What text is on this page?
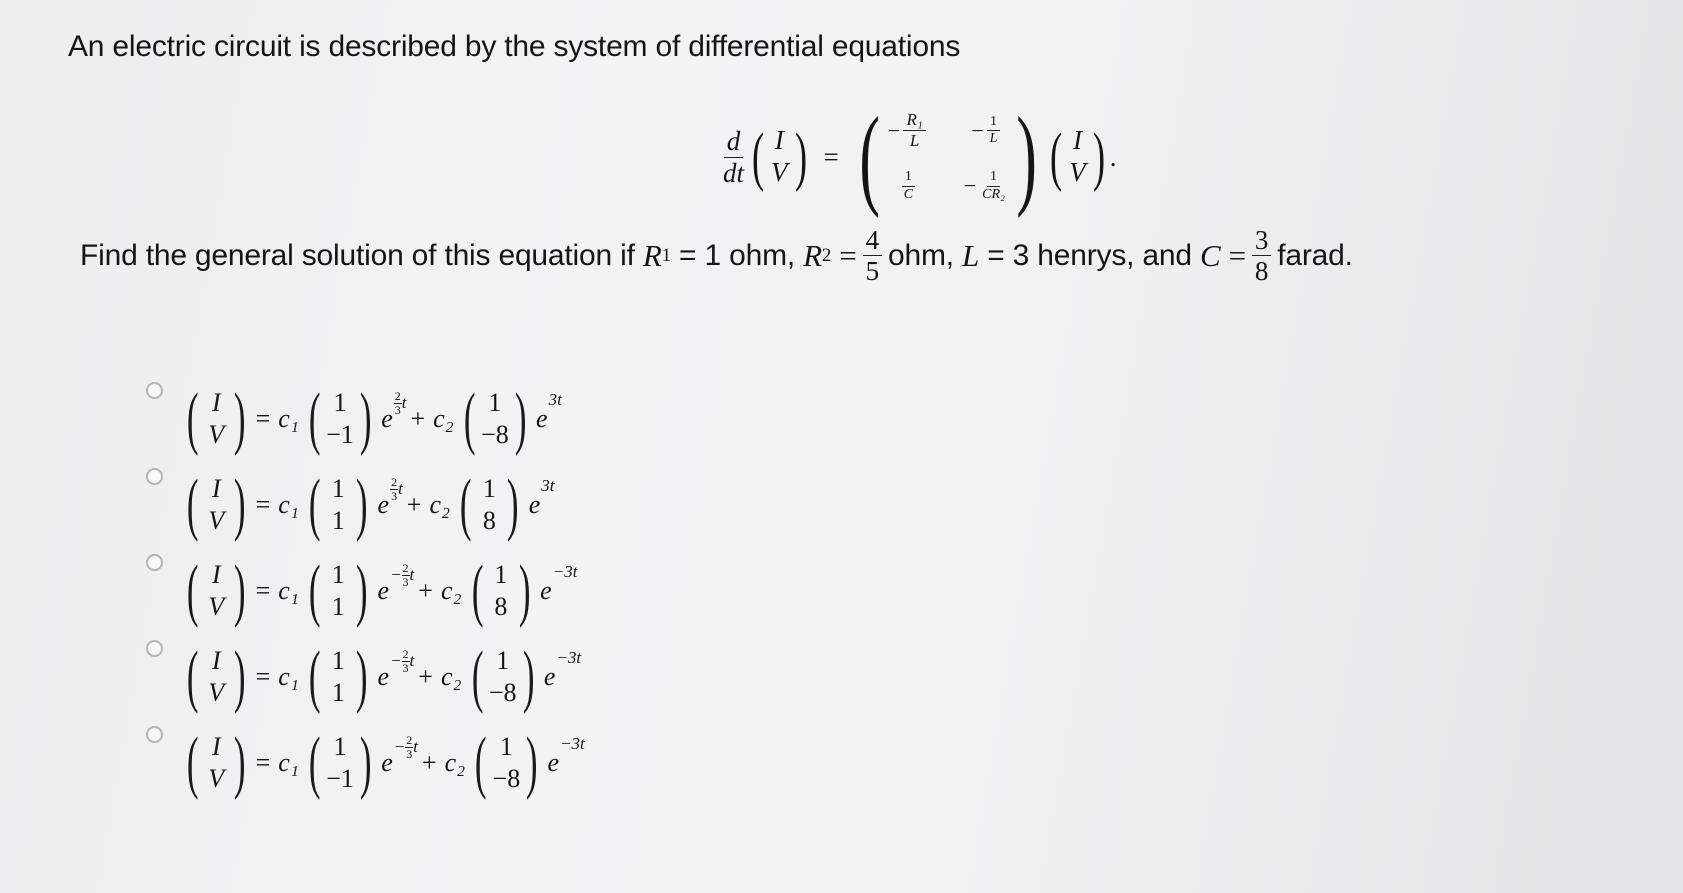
An electric circuit is described by the system of differential equations
$\frac{d}{dt}$ ( I
V ) = ( − $\frac{\text{R₁}}{L} - \frac{1}{L}$
$\frac{1}{C} - \frac{1}{\text{CR₂}}$ ) ( I
V ) .
Find the general solution of this equation if
R 1
= 1 ohm,
R 2
= $\frac{4}{5}$ ohm,
L
= 3 henrys, and
C
= $\frac{3}{8}$ farad.
( I
V ) = c₁ ( 1
−1 ) e
$\frac{2}{3}$ t
+ c₂ ( 1
−8 ) e
3t
( I
V ) = c₁ ( 1
1 ) e
$\frac{2}{3}$ t
+ c₂ ( 1
8 ) e
3t
( I
V ) = c₁ ( 1
1 ) e
− $\frac{2}{3}$ t
+ c₂ ( 1
8 ) e
−3t
( I
V ) = c₁ ( 1
1 ) e
− $\frac{2}{3}$ t
+ c₂ ( 1
−8 ) e
−3t
( I
V ) = c₁ ( 1
−1 ) e
− $\frac{2}{3}$ t
+ c₂ ( 1
−8 ) e
−3t
